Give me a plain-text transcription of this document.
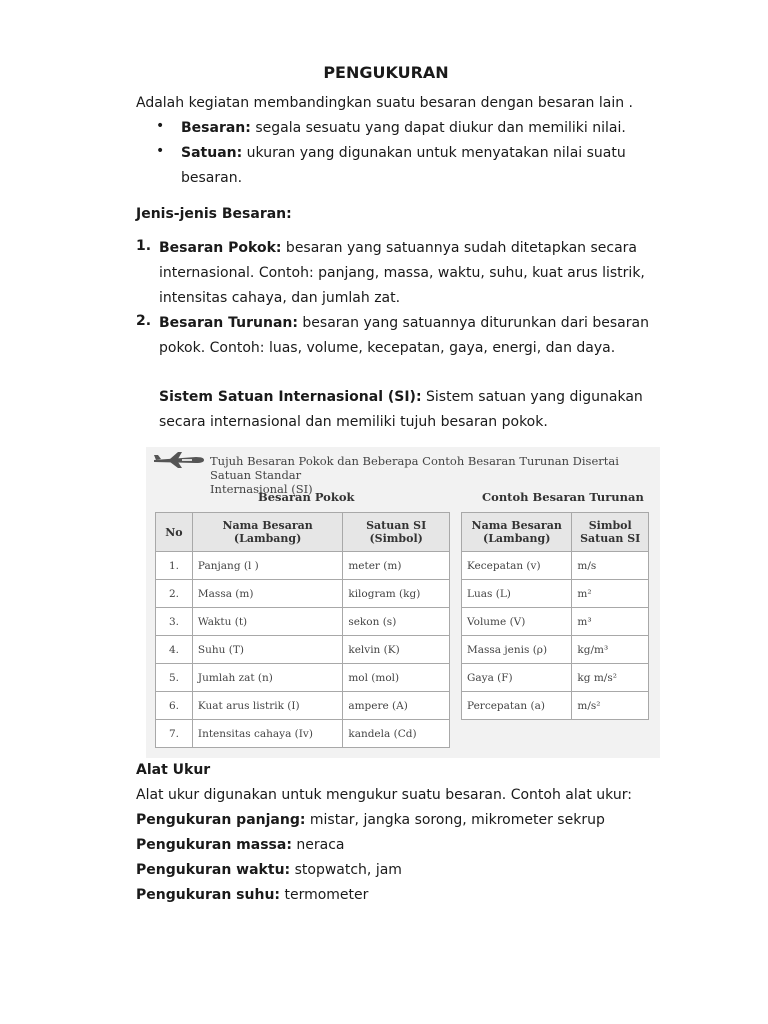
PENGUKURAN
Adalah kegiatan membandingkan suatu besaran dengan besaran lain .
• Besaran: segala sesuatu yang dapat diukur dan memiliki nilai.
• Satuan: ukuran yang digunakan untuk menyatakan nilai suatu
besaran.
Jenis-jenis Besaran:
1. Besaran Pokok: besaran yang satuannya sudah ditetapkan secara
internasional. Contoh: panjang, massa, waktu, suhu, kuat arus listrik,
intensitas cahaya, dan jumlah zat.
2. Besaran Turunan: besaran yang satuannya diturunkan dari besaran
pokok. Contoh: luas, volume, kecepatan, gaya, energi, dan daya.
Sistem Satuan Internasional (SI): Sistem satuan yang digunakan
secara internasional dan memiliki tujuh besaran pokok.
Alat Ukur
Alat ukur digunakan untuk mengukur suatu besaran. Contoh alat ukur:
Pengukuran panjang: mistar, jangka sorong, mikrometer sekrup
Pengukuran massa: neraca
Pengukuran waktu: stopwatch, jam
Pengukuran suhu: termometer
Tujuh Besaran Pokok dan Beberapa Contoh Besaran Turunan Disertai Satuan Standar
Internasional (SI)
Besaran Pokok	Contoh Besaran Turunan
No	Nama Besaran (Lambang)	Satuan SI (Simbol)
1.	Panjang (l )	meter (m)
2.	Massa (m)	kilogram (kg)
3.	Waktu (t)	sekon (s)
4.	Suhu (T)	kelvin (K)
5.	Jumlah zat (n)	mol (mol)
6.	Kuat arus listrik (I)	ampere (A)
7.	Intensitas cahaya (Iv)	kandela (Cd)
Nama Besaran (Lambang)	Simbol Satuan SI
Kecepatan (v)	m/s
Luas (L)	m²
Volume (V)	m³
Massa jenis (ρ)	kg/m³
Gaya (F)	kg m/s²
Percepatan (a)	m/s²
